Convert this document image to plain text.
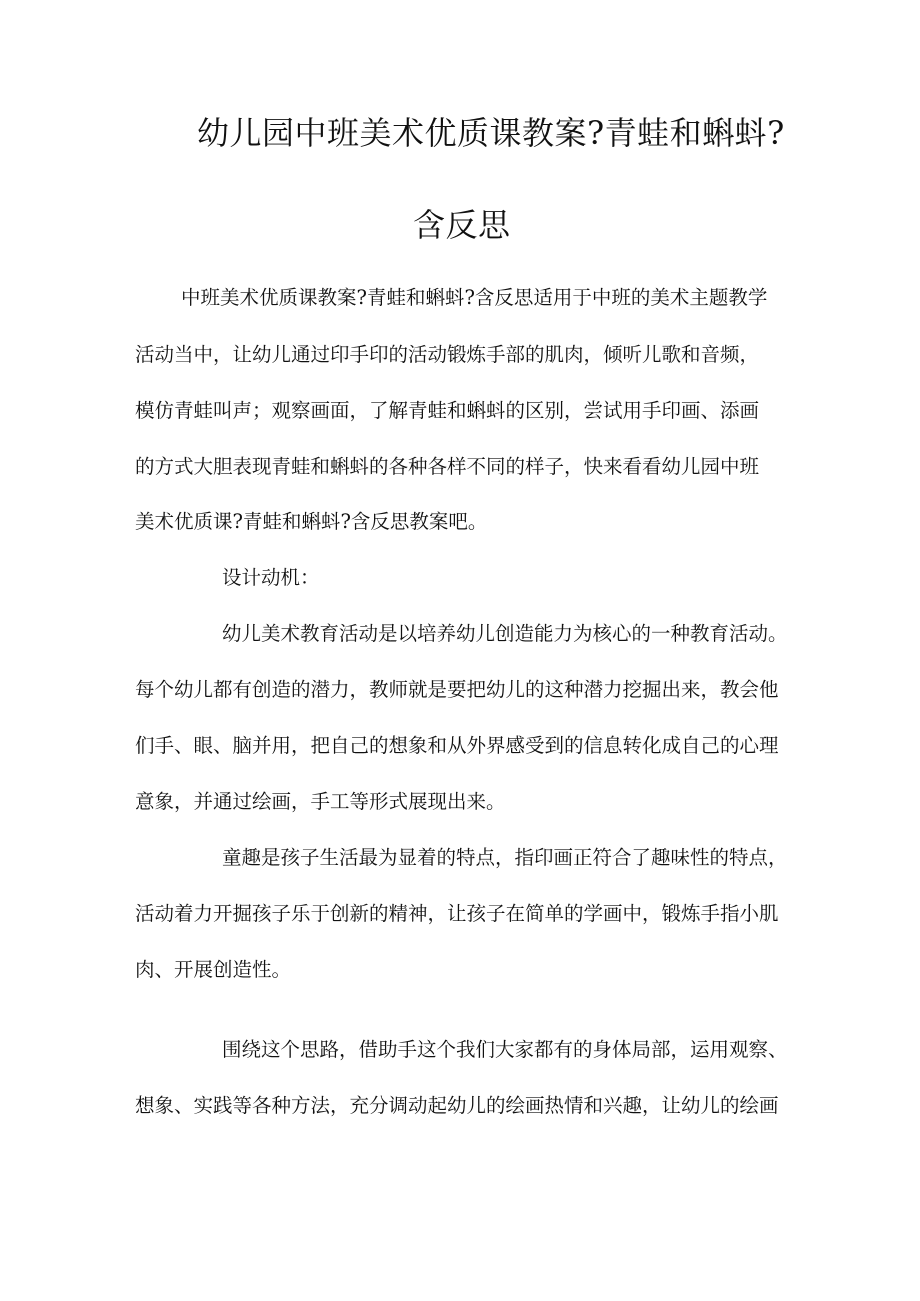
幼儿园中班美术优质课教案?青蛙和蝌蚪?
含反思
中班美术优质课教案?青蛙和蝌蚪?含反思适用于中班的美术主题教学
活动当中，让幼儿通过印手印的活动锻炼手部的肌肉，倾听儿歌和音频，
模仿青蛙叫声；观察画面，了解青蛙和蝌蚪的区别，尝试用手印画、添画
的方式大胆表现青蛙和蝌蚪的各种各样不同的样子，快来看看幼儿园中班
美术优质课?青蛙和蝌蚪?含反思教案吧。
设计动机：
幼儿美术教育活动是以培养幼儿创造能力为核心的一种教育活动。
每个幼儿都有创造的潜力，教师就是要把幼儿的这种潜力挖掘出来，教会他
们手、眼、脑并用，把自己的想象和从外界感受到的信息转化成自己的心理
意象，并通过绘画，手工等形式展现出来。
童趣是孩子生活最为显着的特点，指印画正符合了趣味性的特点，
活动着力开掘孩子乐于创新的精神，让孩子在简单的学画中，锻炼手指小肌
肉、开展创造性。
围绕这个思路，借助手这个我们大家都有的身体局部，运用观察、
想象、实践等各种方法，充分调动起幼儿的绘画热情和兴趣，让幼儿的绘画
